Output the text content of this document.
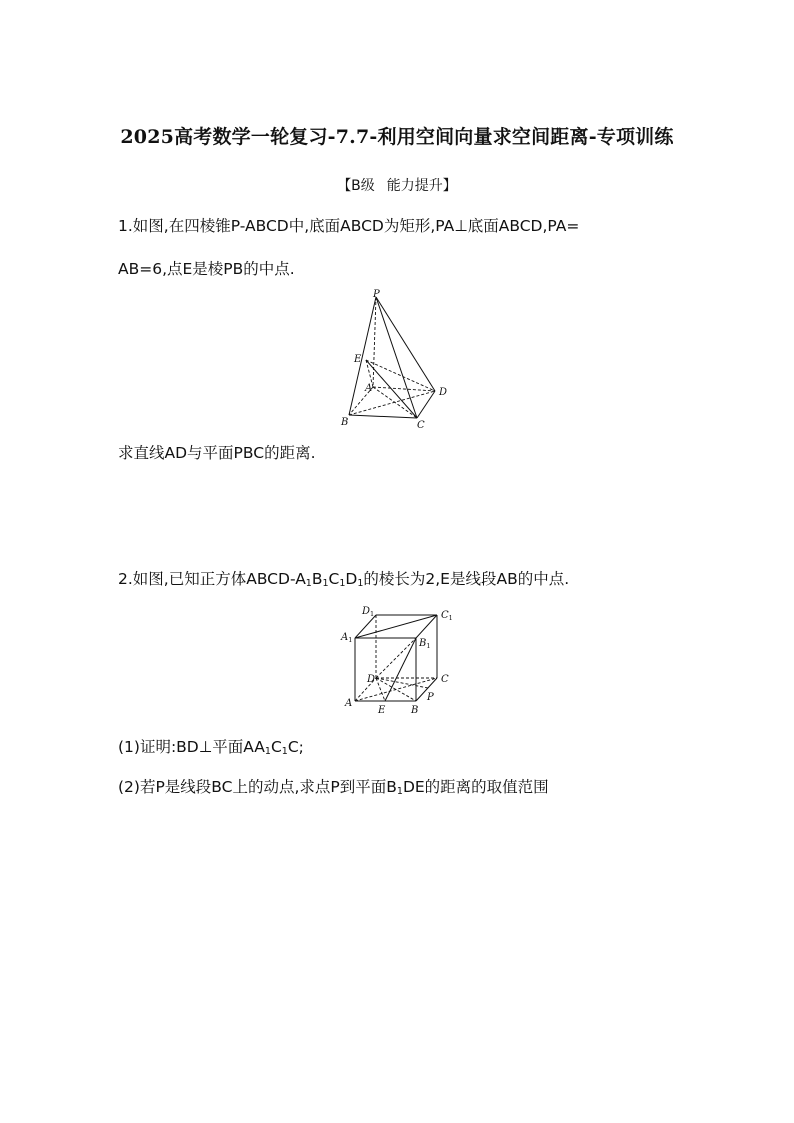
2025高考数学一轮复习-7.7-利用空间向量求空间距离-专项训练
【B级 能力提升】
1.如图,在四棱锥P-ABCD中,底面ABCD为矩形,PA⊥底面ABCD,PA=
AB=6,点E是棱PB的中点.
P
E
A	D
B	C
求直线AD与平面PBC的距离.
2.如图,已知正方体ABCD-$A_1B_1C_1D_1$的棱长为2,E是线段AB的中点.
$D_1$	$C_1$
$A_1$	$B_1$
D	C
A
E	B
P
(1)证明:BD⊥平面$AA_1C_1C$;
(2)若P是线段BC上的动点,求点P到平面$B_1DE$的距离的取值范围
